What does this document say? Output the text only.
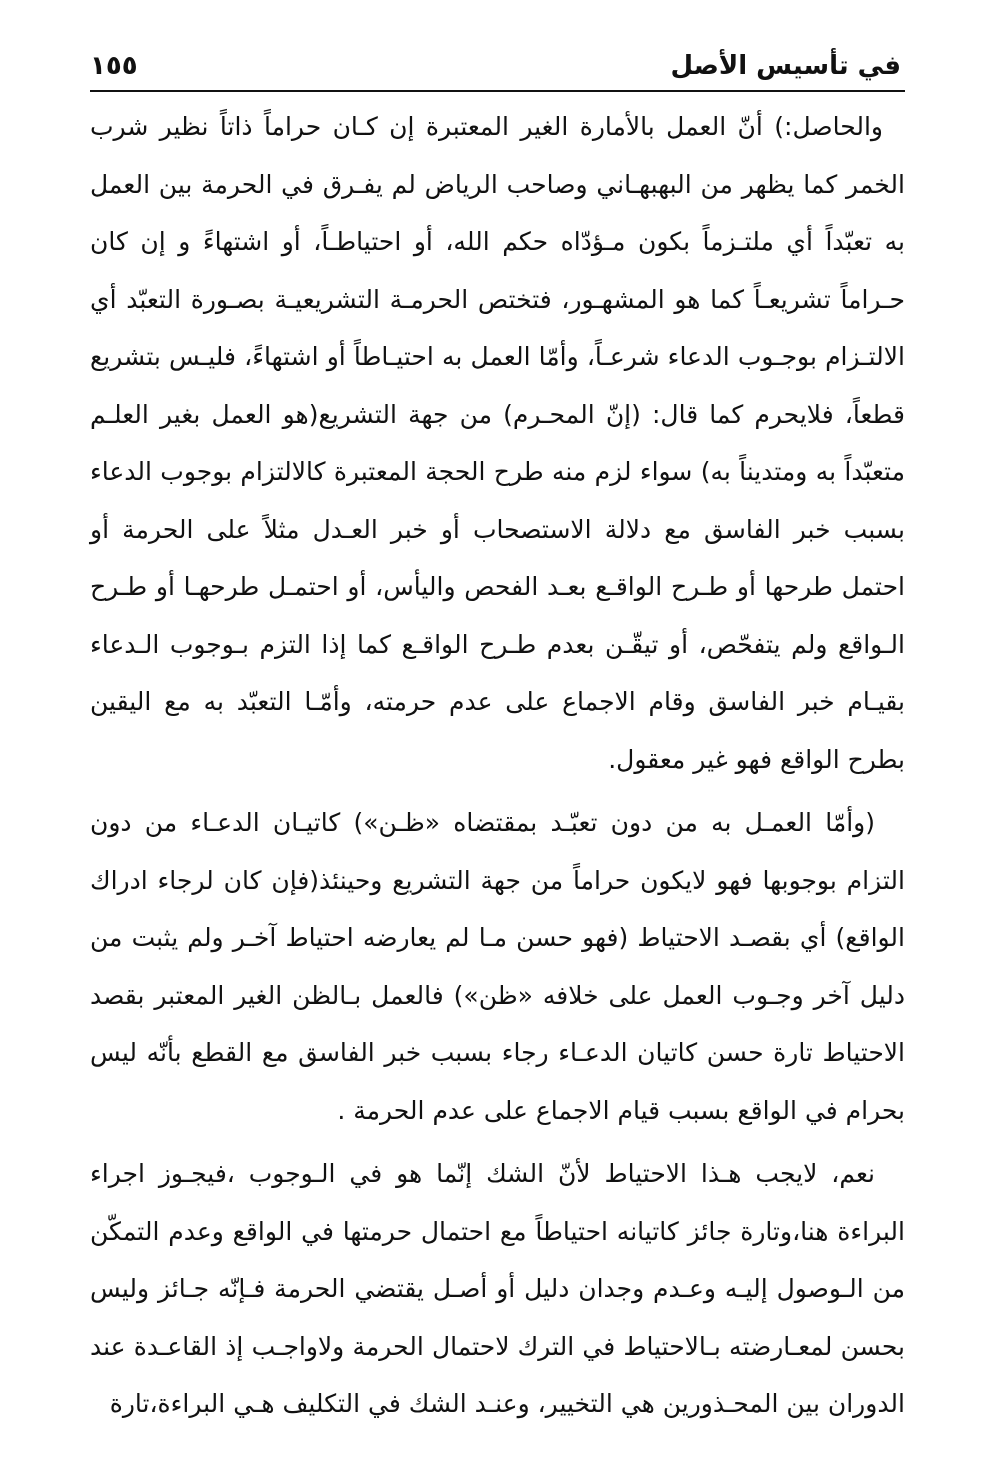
في تأسيس الأصل
١٥٥

والحاصل:) أنّ العمل بالأمارة الغير المعتبرة إن كـان حراماً ذاتاً نظير شرب الخمر كما يظهر من البهبهـاني وصاحب الرياض لم يفـرق في الحرمة بين العمل به تعبّداً أي ملتـزماً بكون مـؤدّاه حكم الله، أو احتياطـاً، أو اشتهاءً و إن كان حـراماً تشريعـاً كما هو المشهـور، فتختص الحرمـة التشريعيـة بصـورة التعبّد أي الالتـزام بوجـوب الدعاء شرعـاً، وأمّا العمل به احتيـاطاً أو اشتهاءً، فليـس بتشريع قطعاً، فلايحرم كما قال: (إنّ المحـرم) من جهة التشريع(هو العمل بغير العلـم متعبّداً به ومتديناً به) سواء لزم منه طرح الحجة المعتبرة كالالتزام بوجوب الدعاء بسبب خبر الفاسق مع دلالة الاستصحاب أو خبر العـدل مثلاً على الحرمة أو احتمل طرحها أو طـرح الواقـع بعـد الفحص واليأس، أو احتمـل طرحهـا أو طـرح الـواقع ولم يتفحّص، أو تيقّـن بعدم طـرح الواقـع كما إذا التزم بـوجوب الـدعاء بقيـام خبر الفاسق وقام الاجماع على عدم حرمته، وأمّـا التعبّد به مع اليقين بطرح الواقع فهو غير معقول.

(وأمّا العمـل به من دون تعبّـد بمقتضاه «ظـن») كاتيـان الدعـاء من دون التزام بوجوبها فهو لايكون حراماً من جهة التشريع وحينئذ(فإن كان لرجاء ادراك الواقع) أي بقصـد الاحتياط (فهو حسن مـا لم يعارضه احتياط آخـر ولم يثبت من دليل آخر وجـوب العمل على خلافه «ظن») فالعمل بـالظن الغير المعتبر بقصد الاحتياط تارة حسن كاتيان الدعـاء رجاء بسبب خبر الفاسق مع القطع بأنّه ليس بحرام في الواقع بسبب قيام الاجماع على عدم الحرمة .

نعم، لايجب هـذا الاحتياط لأنّ الشك إنّما هو في الـوجوب ،فيجـوز اجراء البراءة هنا،وتارة جائز كاتيانه احتياطاً مع احتمال حرمتها في الواقع وعدم التمكّن من الـوصول إليـه وعـدم وجدان دليل أو أصـل يقتضي الحرمة فـإنّه جـائز وليس بحسن لمعـارضته بـالاحتياط في الترك لاحتمال الحرمة ولاواجـب إذ القاعـدة عند الدوران بين المحـذورين هي التخيير، وعنـد الشك في التكليف هـي البراءة،تارة
